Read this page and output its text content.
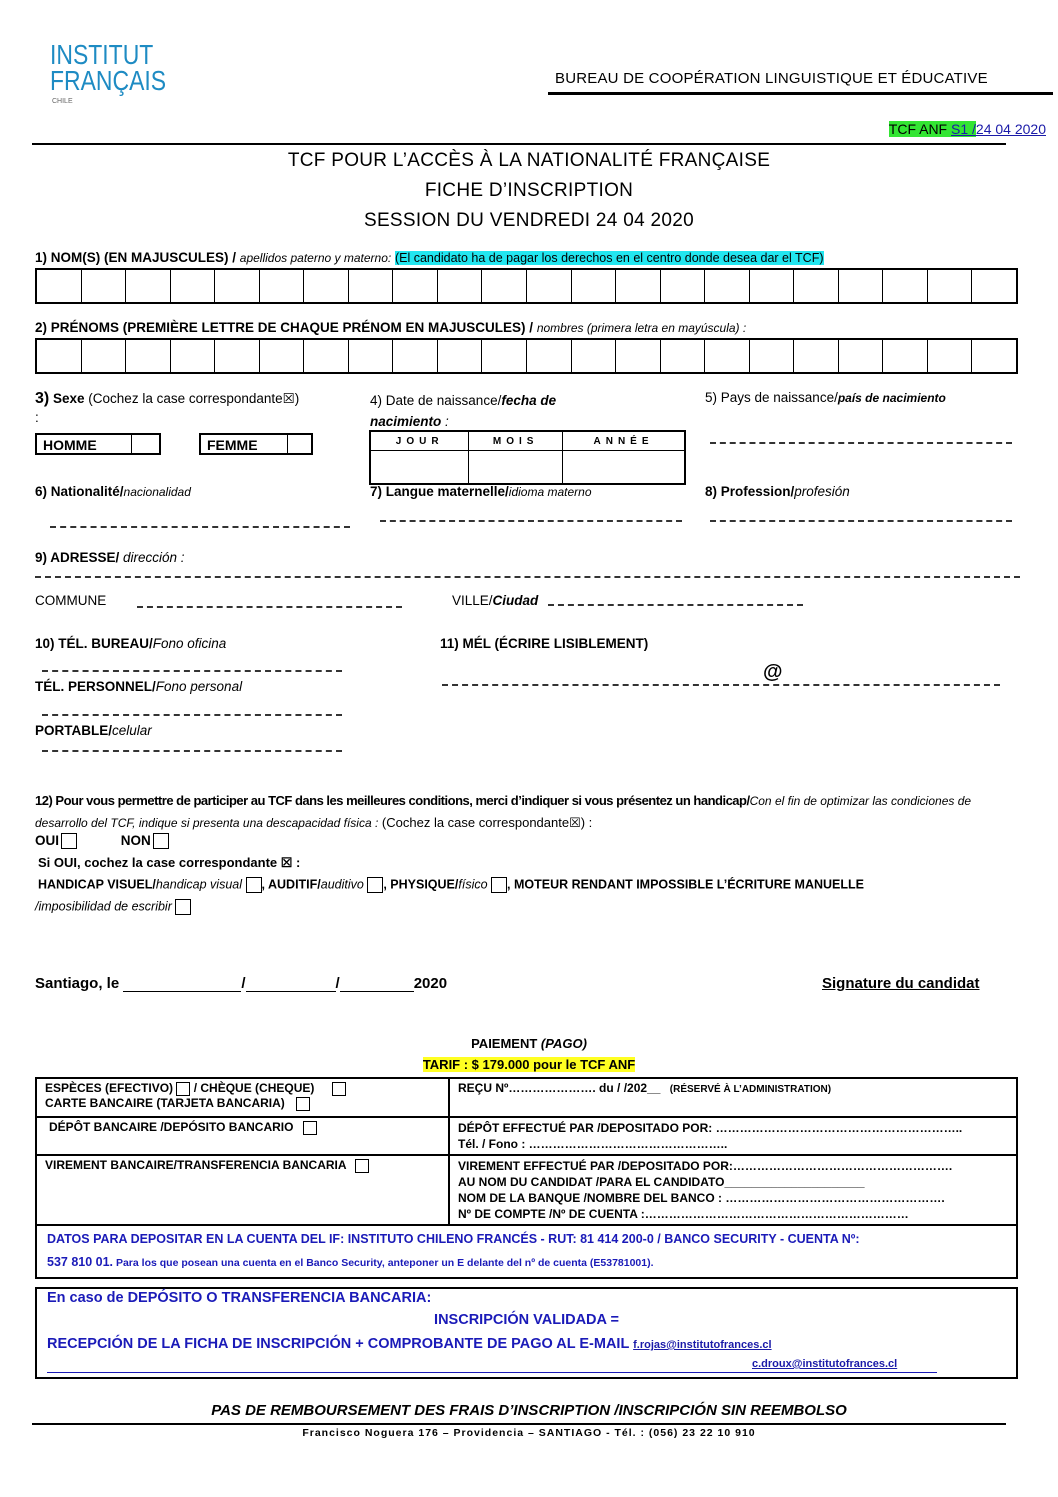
INSTITUT
FRANÇAIS
CHILE
BUREAU DE COOPÉRATION LINGUISTIQUE ET ÉDUCATIVE
TCF ANF S1 /24 04 2020
TCF POUR L’ACCÈS À LA NATIONALITÉ FRANÇAISE
FICHE D’INSCRIPTION
SESSION DU VENDREDI 24 04 2020
1) NOM(S) (EN MAJUSCULES) / apellidos paterno y materno: (El candidato ha de pagar los derechos en el centro donde desea dar el TCF)
2) PRÉNOMS (PREMIÈRE LETTRE DE CHAQUE PRÉNOM EN MAJUSCULES) / nombres (primera letra en mayúscula) :
3) Sexe (Cochez la case correspondante☒)
:
HOMME	FEMME
4) Date de naissance/fecha de nacimiento :
JOUR	MOIS	ANNÉE

5) Pays de naissance/país de nacimiento
6) Nationalité/nacionalidad	7) Langue maternelle/idioma materno	8) Profession/profesión
9) ADRESSE/ dirección :
COMMUNE	VILLE/Ciudad
10) TÉL. BUREAU/Fono oficina
TÉL. PERSONNEL/Fono personal
PORTABLE/celular
11) MÉL (ÉCRIRE LISIBLEMENT)
@
12) Pour vous permettre de participer au TCF dans les meilleures conditions, merci d’indiquer si vous présentez un handicap/Con el fin de optimizar las condiciones de desarrollo del TCF, indique si presenta una descapacidad física : (Cochez la case correspondante☒) :
OUI	NON
Si OUI, cochez la case correspondante ☒ :
HANDICAP VISUEL/handicap visual , AUDITIF/auditivo , PHYSIQUE/físico , MOTEUR RENDANT IMPOSSIBLE L’ÉCRITURE MANUELLE
/imposibilidad de escribir
Santiago, le	/	/	2020	Signature du candidat
PAIEMENT (PAGO)
TARIF : $ 179.000 pour le TCF ANF
ESPÈCES (EFECTIVO) / CHÈQUE (CHEQUE)
CARTE BANCAIRE (TARJETA BANCARIA)	REÇU Nº…………………. du / /202__ (RÉSERVÉ À L’ADMINISTRATION)
DÉPÔT BANCAIRE /DEPÓSITO BANCARIO	DÉPÔT EFFECTUÉ PAR /DEPOSITADO POR: ……………………………………………………..
Tél. / Fono : …………………………………………..

VIREMENT BANCAIRE/TRANSFERENCIA BANCARIA	VIREMENT EFFECTUÉ PAR /DEPOSITADO POR:……………………………………………….
AU NOM DU CANDIDAT /PARA EL CANDIDATO_____________________
NOM DE LA BANQUE /NOMBRE DEL BANCO : ……………………………………………….
Nº DE COMPTE /Nº DE CUENTA :…………………………………………………………

DATOS PARA DEPOSITAR EN LA CUENTA DEL IF: INSTITUTO CHILENO FRANCÉS - RUT: 81 414 200-0 / BANCO SECURITY - CUENTA Nº:
537 810 01. Para los que posean una cuenta en el Banco Security, anteponer un E delante del nº de cuenta (E53781001).	
En caso de DEPÓSITO O TRANSFERENCIA BANCARIA:
INSCRIPCIÓN VALIDADA =
RECEPCIÓN DE LA FICHA DE INSCRIPCIÓN + COMPROBANTE DE PAGO AL E-MAIL f.rojas@institutofrances.cl
c.droux@institutofrances.cl
PAS DE REMBOURSEMENT DES FRAIS D’INSCRIPTION /INSCRIPCIÓN SIN REEMBOLSO
Francisco Noguera 176 – Providencia – SANTIAGO - Tél. : (056) 23 22 10 910
